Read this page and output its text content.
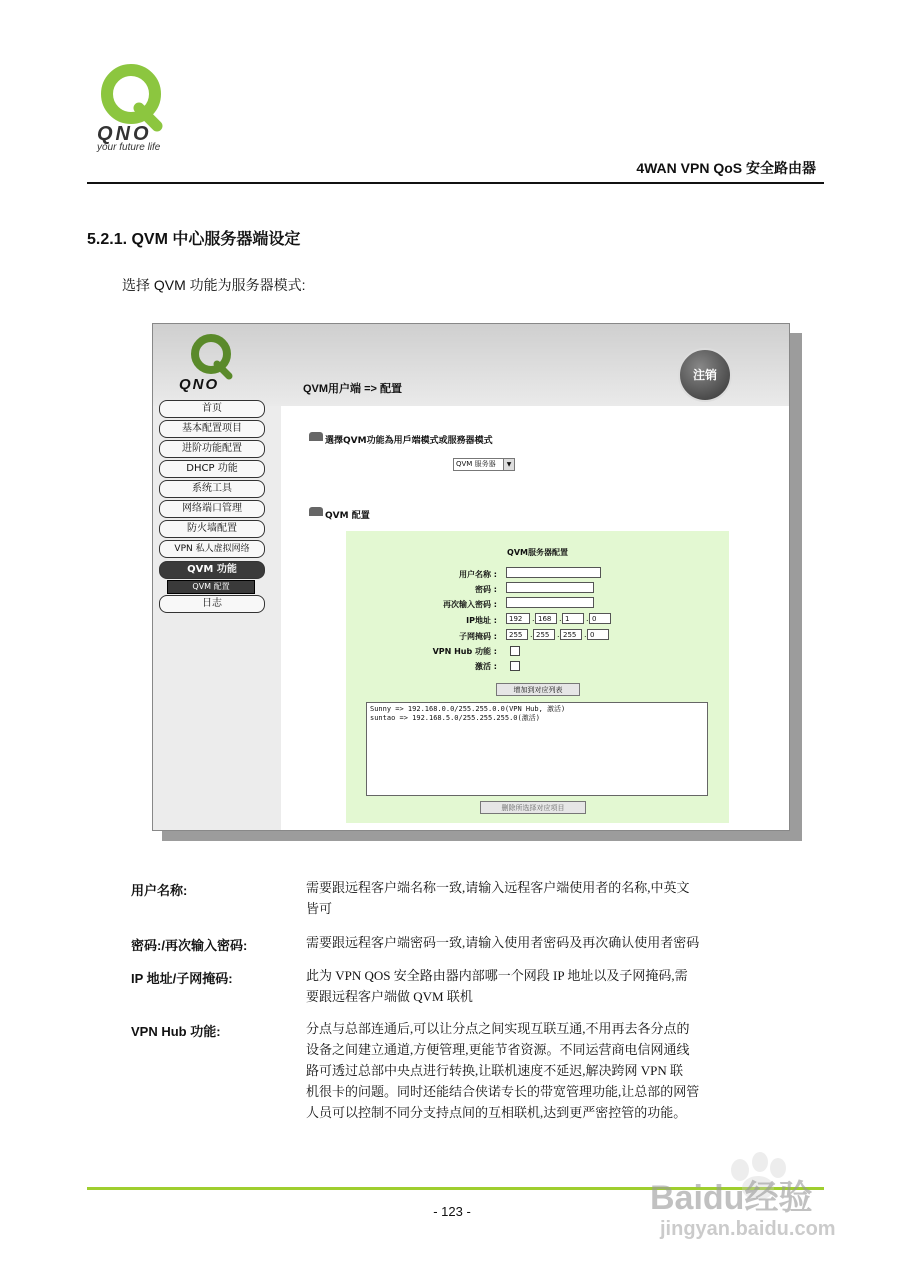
QNO
your future life
4WAN VPN QoS 安全路由器
5.2.1. QVM 中心服务器端设定
选择 QVM 功能为服务器模式:
QNO
注销
QVM用户端 => 配置
首页
基本配置项目
进阶功能配置
DHCP 功能
系统工具
网络端口管理
防火墙配置
VPN 私人虚拟网络
QVM 功能
QVM 配置
日志
選擇QVM功能為用戶端模式或服務器模式
QVM 服务器	▼
QVM 配置
QVM服务器配置
用户名称 :
密码 :
再次输入密码 :
IP地址 :	192	. 168 . 1	. 0
子网掩码 :	255 . 255 . 255 . 0
VPN Hub 功能 :
激活 :
增加到对应列表
Sunny => 192.168.0.0/255.255.0.0(VPN Hub, 激活)
suntao => 192.168.5.0/255.255.255.0(激活)
删除所选择对应项目
用户名称:	需要跟远程客户端名称一致,请输入远程客户端使用者的名称,中英文
皆可
密码:/再次输入密码:	需要跟远程客户端密码一致,请输入使用者密码及再次确认使用者密码
IP 地址/子网掩码:	此为 VPN QOS 安全路由器内部哪一个网段 IP 地址以及子网掩码,需
要跟远程客户端做 QVM 联机
VPN Hub 功能:	分点与总部连通后,可以让分点之间实现互联互通,不用再去各分点的
设备之间建立通道,方便管理,更能节省资源。不同运营商电信网通线
路可透过总部中央点进行转换,让联机速度不延迟,解决跨网 VPN 联
机很卡的问题。同时还能结合侠诺专长的带宽管理功能,让总部的网管
人员可以控制不同分支持点间的互相联机,达到更严密控管的功能。
- 123 -	Baidu经验
jingyan.baidu.com
